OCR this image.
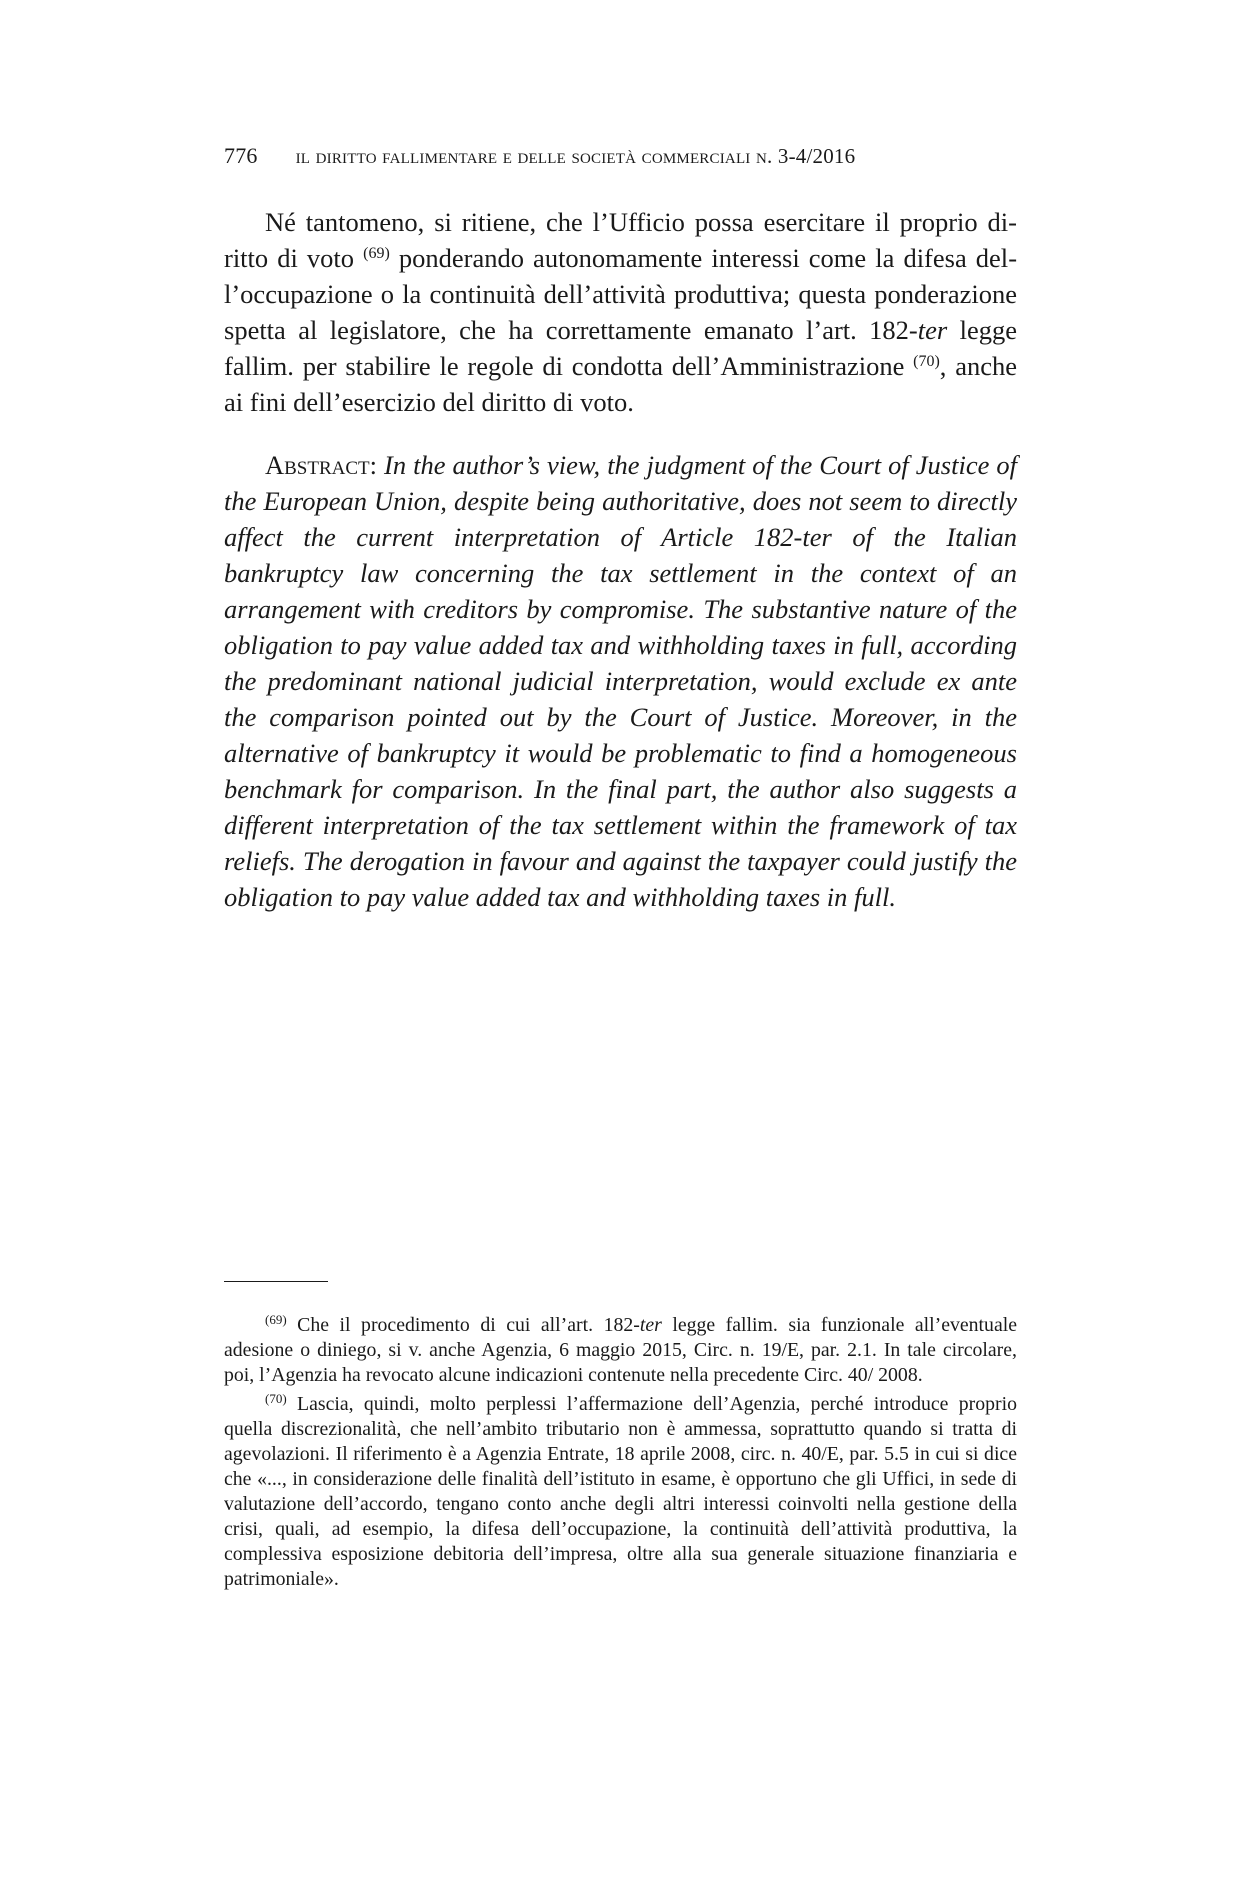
776 il diritto fallimentare e delle società commerciali n. 3-4/2016

Né tantomeno, si ritiene, che l’Ufficio possa esercitare il proprio diritto di voto $^{(69)}$ ponderando autonomamente interessi come la difesa dell’occupazione o la continuità dell’attività produttiva; questa ponderazione spetta al legislatore, che ha correttamente emanato l’art. 182-ter legge fallim. per stabilire le regole di condotta dell’Amministrazione $^{(70)}$, anche ai fini dell’esercizio del diritto di voto.

Abstract: In the author’s view, the judgment of the Court of Justice of the European Union, despite being authoritative, does not seem to directly affect the current interpretation of Article 182-ter of the Italian bankruptcy law concerning the tax settlement in the context of an arrangement with creditors by compromise. The substantive nature of the obligation to pay value added tax and withholding taxes in full, according the predominant national judicial interpretation, would exclude ex ante the comparison pointed out by the Court of Justice. Moreover, in the alternative of bankruptcy it would be problematic to find a homogeneous benchmark for comparison. In the final part, the author also suggests a different interpretation of the tax settlement within the framework of tax reliefs. The derogation in favour and against the taxpayer could justify the obligation to pay value added tax and withholding taxes in full.

$^{(69)}$ Che il procedimento di cui all’art. 182-ter legge fallim. sia funzionale all’eventuale adesione o diniego, si v. anche Agenzia, 6 maggio 2015, Circ. n. 19/E, par. 2.1. In tale circolare, poi, l’Agenzia ha revocato alcune indicazioni contenute nella precedente Circ. 40/ 2008.

$^{(70)}$ Lascia, quindi, molto perplessi l’affermazione dell’Agenzia, perché introduce proprio quella discrezionalità, che nell’ambito tributario non è ammessa, soprattutto quando si tratta di agevolazioni. Il riferimento è a Agenzia Entrate, 18 aprile 2008, circ. n. 40/E, par. 5.5 in cui si dice che «..., in considerazione delle finalità dell’istituto in esame, è opportuno che gli Uffici, in sede di valutazione dell’accordo, tengano conto anche degli altri interessi coinvolti nella gestione della crisi, quali, ad esempio, la difesa dell’occupazione, la continuità dell’attività produttiva, la complessiva esposizione debitoria dell’impresa, oltre alla sua generale situazione finanziaria e patrimoniale».
